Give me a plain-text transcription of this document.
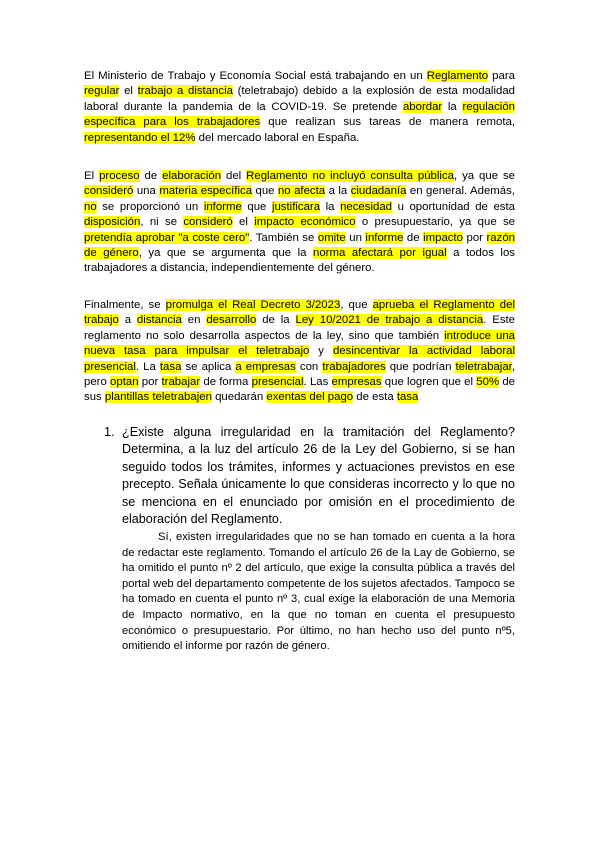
El Ministerio de Trabajo y Economía Social está trabajando en un Reglamento para regular el trabajo a distancia (teletrabajo) debido a la explosión de esta modalidad laboral durante la pandemia de la COVID-19. Se pretende abordar la regulación específica para los trabajadores que realizan sus tareas de manera remota, representando el 12% del mercado laboral en España.
El proceso de elaboración del Reglamento no incluyó consulta pública, ya que se consideró una materia específica que no afecta a la ciudadanía en general. Además, no se proporcionó un informe que justificara la necesidad u oportunidad de esta disposición, ni se consideró el impacto económico o presupuestario, ya que se pretendía aprobar "a coste cero". También se omite un informe de impacto por razón de género, ya que se argumenta que la norma afectará por igual a todos los trabajadores a distancia, independientemente del género.
Finalmente, se promulga el Real Decreto 3/2023, que aprueba el Reglamento del trabajo a distancia en desarrollo de la Ley 10/2021 de trabajo a distancia. Este reglamento no solo desarrolla aspectos de la ley, sino que también introduce una nueva tasa para impulsar el teletrabajo y desincentivar la actividad laboral presencial. La tasa se aplica a empresas con trabajadores que podrían teletrabajar, pero optan por trabajar de forma presencial. Las empresas que logren que el 50% de sus plantillas teletrabajen quedarán exentas del pago de esta tasa
1. ¿Existe alguna irregularidad en la tramitación del Reglamento? Determina, a la luz del artículo 26 de la Ley del Gobierno, si se han seguido todos los trámites, informes y actuaciones previstos en ese precepto. Señala únicamente lo que consideras incorrecto y lo que no se menciona en el enunciado por omisión en el procedimiento de elaboración del Reglamento.
Sí, existen irregularidades que no se han tomado en cuenta a la hora de redactar este reglamento. Tomando el artículo 26 de la Lay de Gobierno, se ha omitido el punto nº 2 del artículo, que exige la consulta pública a través del portal web del departamento competente de los sujetos afectados. Tampoco se ha tomado en cuenta el punto nº 3, cual exige la elaboración de una Memoria de Impacto normativo, en la que no toman en cuenta el presupuesto económico o presupuestario. Por último, no han hecho uso del punto nº5, omitiendo el informe por razón de género.
